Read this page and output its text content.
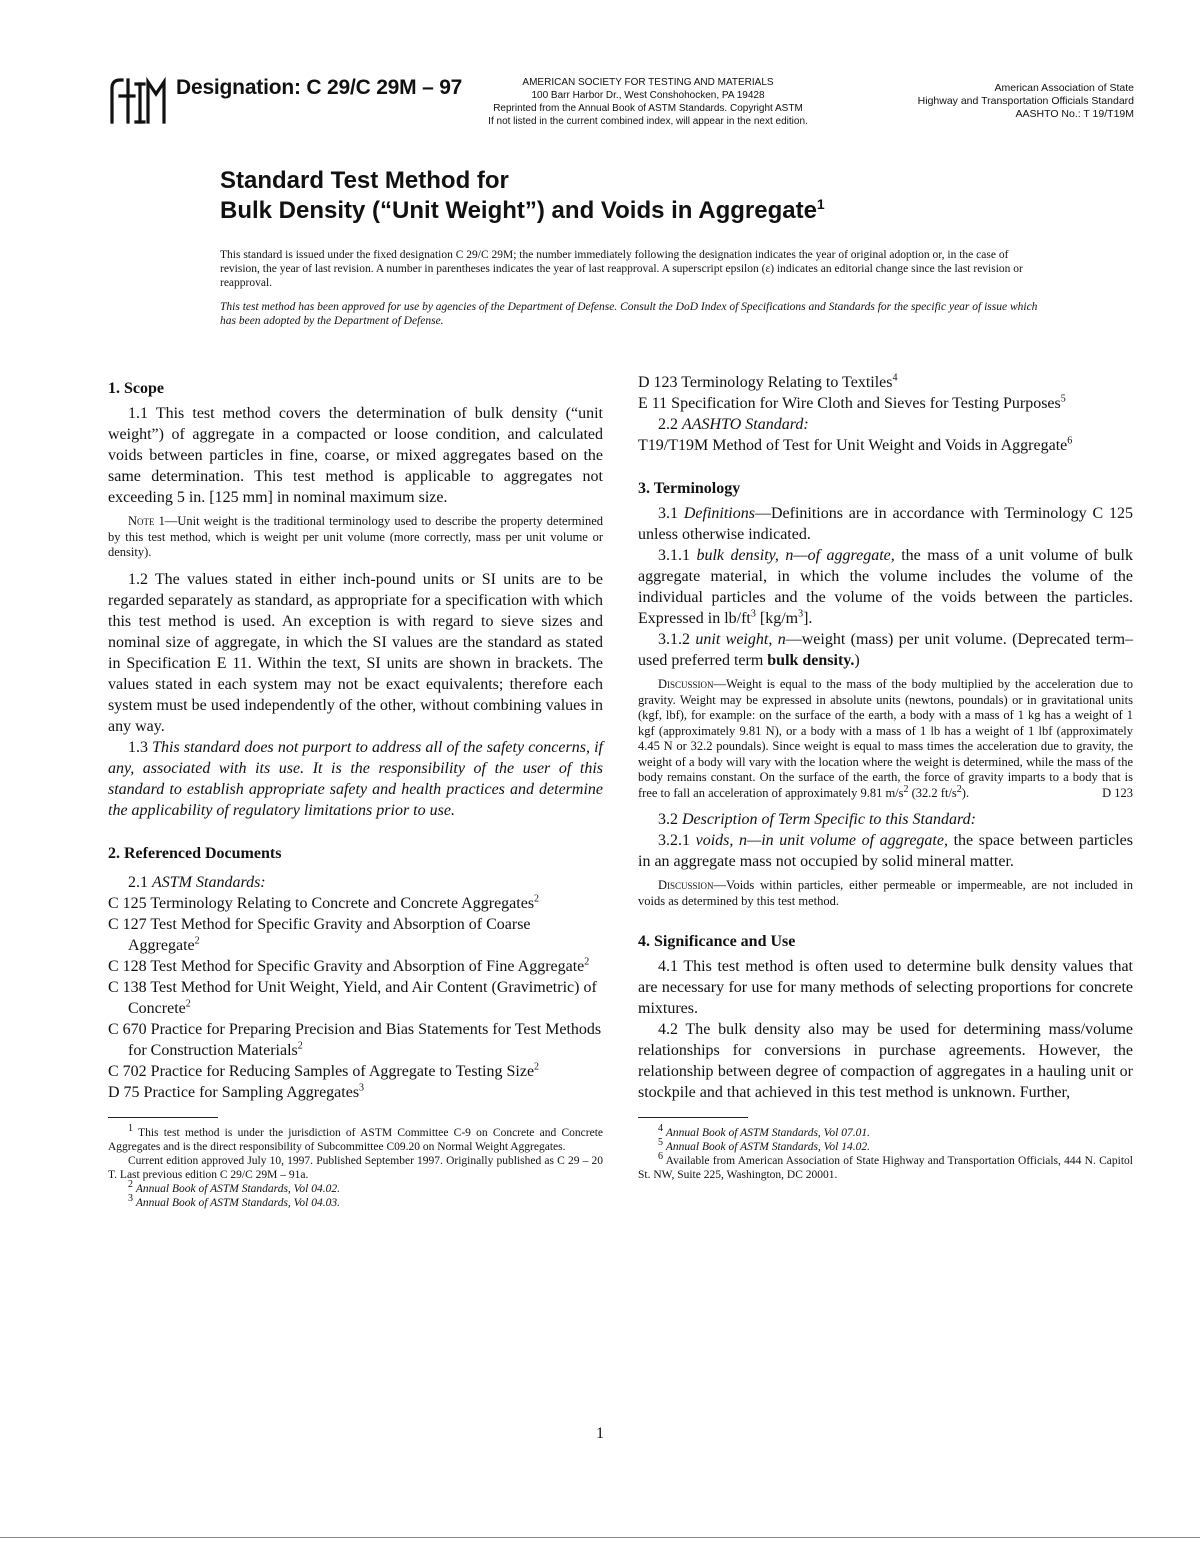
Designation: C 29/C 29M – 97	AMERICAN SOCIETY FOR TESTING AND MATERIALS
100 Barr Harbor Dr., West Conshohocken, PA 19428
Reprinted from the Annual Book of ASTM Standards. Copyright ASTM
If not listed in the current combined index, will appear in the next edition.
American Association of State
Highway and Transportation Officials Standard
AASHTO No.: T 19/T19M
Standard Test Method for
Bulk Density (“Unit Weight”) and Voids in Aggregate$^1$

This standard is issued under the fixed designation C 29/C 29M; the number immediately following the designation indicates the year of original adoption or, in the case of revision, the year of last revision. A number in parentheses indicates the year of last reapproval. A superscript epsilon (ε) indicates an editorial change since the last revision or reapproval.

This test method has been approved for use by agencies of the Department of Defense. Consult the DoD Index of Specifications and Standards for the specific year of issue which has been adopted by the Department of Defense.

1. Scope

1.1 This test method covers the determination of bulk density (“unit weight”) of aggregate in a compacted or loose condition, and calculated voids between particles in fine, coarse, or mixed aggregates based on the same determination. This test method is applicable to aggregates not exceeding 5 in. [125 mm] in nominal maximum size.

Note 1—Unit weight is the traditional terminology used to describe the property determined by this test method, which is weight per unit volume (more correctly, mass per unit volume or density).

1.2 The values stated in either inch-pound units or SI units are to be regarded separately as standard, as appropriate for a specification with which this test method is used. An exception is with regard to sieve sizes and nominal size of aggregate, in which the SI values are the standard as stated in Specification E 11. Within the text, SI units are shown in brackets. The values stated in each system may not be exact equivalents; therefore each system must be used independently of the other, without combining values in any way.

1.3 This standard does not purport to address all of the safety concerns, if any, associated with its use. It is the responsibility of the user of this standard to establish appropriate safety and health practices and determine the applicability of regulatory limitations prior to use.

2. Referenced Documents

2.1 ASTM Standards:

C 125 Terminology Relating to Concrete and Concrete Aggregates$^2$

C 127 Test Method for Specific Gravity and Absorption of Coarse Aggregate$^2$

C 128 Test Method for Specific Gravity and Absorption of Fine Aggregate$^2$

C 138 Test Method for Unit Weight, Yield, and Air Content (Gravimetric) of Concrete$^2$

C 670 Practice for Preparing Precision and Bias Statements for Test Methods for Construction Materials$^2$

C 702 Practice for Reducing Samples of Aggregate to Testing Size$^2$

D 75 Practice for Sampling Aggregates$^3$

$^1$ This test method is under the jurisdiction of ASTM Committee C-9 on Concrete and Concrete Aggregates and is the direct responsibility of Subcommittee C09.20 on Normal Weight Aggregates.

Current edition approved July 10, 1997. Published September 1997. Originally published as C 29 – 20 T. Last previous edition C 29/C 29M – 91a.

$^2$ Annual Book of ASTM Standards, Vol 04.02.

$^3$ Annual Book of ASTM Standards, Vol 04.03.

D 123 Terminology Relating to Textiles$^4$

E 11 Specification for Wire Cloth and Sieves for Testing Purposes$^5$

2.2 AASHTO Standard:

T19/T19M Method of Test for Unit Weight and Voids in Aggregate$^6$

3. Terminology

3.1 Definitions—Definitions are in accordance with Terminology C 125 unless otherwise indicated.

3.1.1 bulk density, n—of aggregate, the mass of a unit volume of bulk aggregate material, in which the volume includes the volume of the individual particles and the volume of the voids between the particles. Expressed in $lb/ft^3$ $[kg/m^3]$.

3.1.2 unit weight, n—weight (mass) per unit volume. (Deprecated term–used preferred term bulk density.)

Discussion—Weight is equal to the mass of the body multiplied by the acceleration due to gravity. Weight may be expressed in absolute units (newtons, poundals) or in gravitational units (kgf, lbf), for example: on the surface of the earth, a body with a mass of 1 kg has a weight of 1 kgf (approximately 9.81 N), or a body with a mass of 1 lb has a weight of 1 lbf (approximately 4.45 N or 32.2 poundals). Since weight is equal to mass times the acceleration due to gravity, the weight of a body will vary with the location where the weight is determined, while the mass of the body remains constant. On the surface of the earth, the force of gravity imparts to a body that is free to fall an acceleration of approximately 9.81 $m/s^2$ (32.2 $ft/s^2$).	D 123

3.2 Description of Term Specific to this Standard:

3.2.1 voids, n—in unit volume of aggregate, the space between particles in an aggregate mass not occupied by solid mineral matter.

Discussion—Voids within particles, either permeable or impermeable, are not included in voids as determined by this test method.

4. Significance and Use

4.1 This test method is often used to determine bulk density values that are necessary for use for many methods of selecting proportions for concrete mixtures.

4.2 The bulk density also may be used for determining mass/volume relationships for conversions in purchase agreements. However, the relationship between degree of compaction of aggregates in a hauling unit or stockpile and that achieved in this test method is unknown. Further,

$^4$ Annual Book of ASTM Standards, Vol 07.01.

$^5$ Annual Book of ASTM Standards, Vol 14.02.

$^6$ Available from American Association of State Highway and Transportation Officials, 444 N. Capitol St. NW, Suite 225, Washington, DC 20001.

1
